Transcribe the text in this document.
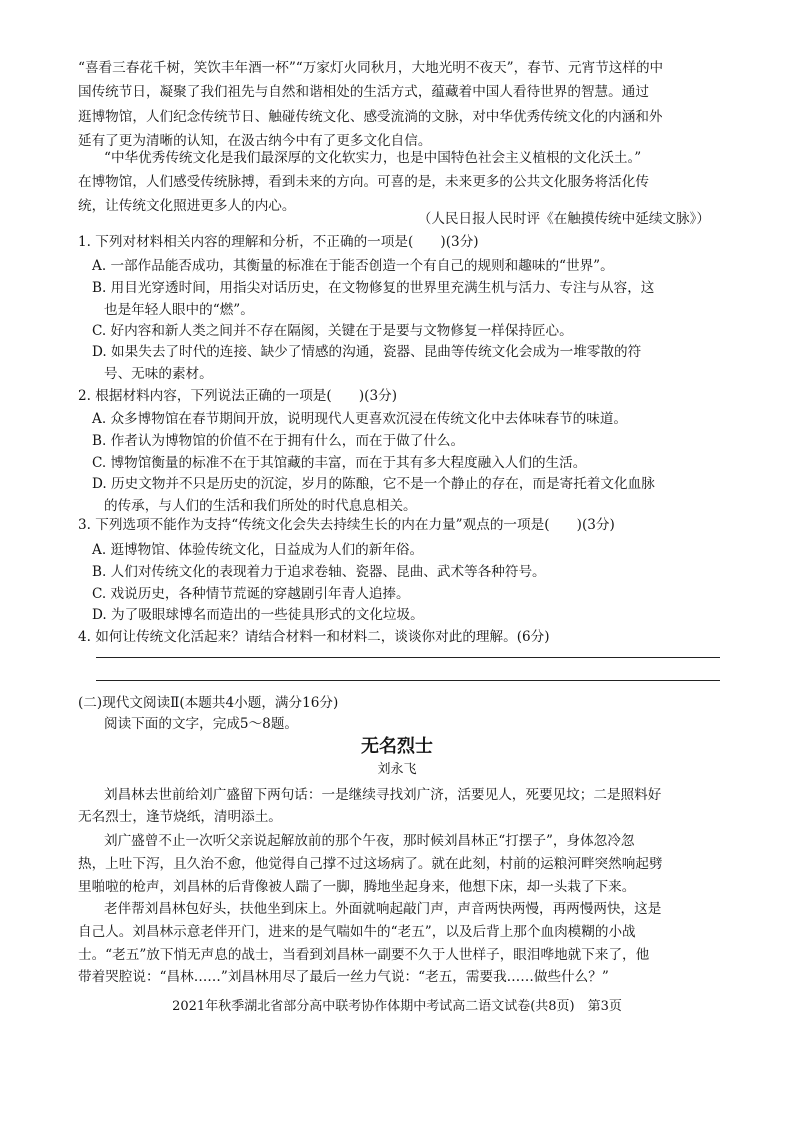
“喜看三春花千树，笑饮丰年酒一杯”“万家灯火同秋月，大地光明不夜天”，春节、元宵节这样的中
国传统节日，凝聚了我们祖先与自然和谐相处的生活方式，蕴藏着中国人看待世界的智慧。通过
逛博物馆，人们纪念传统节日、触碰传统文化、感受流淌的文脉，对中华优秀传统文化的内涵和外
延有了更为清晰的认知，在汲古纳今中有了更多文化自信。
“中华优秀传统文化是我们最深厚的文化软实力，也是中国特色社会主义植根的文化沃土。”
在博物馆，人们感受传统脉搏，看到未来的方向。可喜的是，未来更多的公共文化服务将活化传
统，让传统文化照进更多人的内心。
（人民日报人民时评《在触摸传统中延续文脉》）
1. 下列对材料相关内容的理解和分析，不正确的一项是(　　)(3分)
A. 一部作品能否成功，其衡量的标准在于能否创造一个有自己的规则和趣味的“世界”。
B. 用目光穿透时间，用指尖对话历史，在文物修复的世界里充满生机与活力、专注与从容，这
也是年轻人眼中的“燃”。
C. 好内容和新人类之间并不存在隔阂，关键在于是要与文物修复一样保持匠心。
D. 如果失去了时代的连接、缺少了情感的沟通，瓷器、昆曲等传统文化会成为一堆零散的符
号、无味的素材。
2. 根据材料内容，下列说法正确的一项是(　　)(3分)
A. 众多博物馆在春节期间开放，说明现代人更喜欢沉浸在传统文化中去体味春节的味道。
B. 作者认为博物馆的价值不在于拥有什么，而在于做了什么。
C. 博物馆衡量的标准不在于其馆藏的丰富，而在于其有多大程度融入人们的生活。
D. 历史文物并不只是历史的沉淀，岁月的陈酿，它不是一个静止的存在，而是寄托着文化血脉
的传承，与人们的生活和我们所处的时代息息相关。
3. 下列选项不能作为支持“传统文化会失去持续生长的内在力量”观点的一项是(　　)(3分)
A. 逛博物馆、体验传统文化，日益成为人们的新年俗。
B. 人们对传统文化的表现着力于追求卷轴、瓷器、昆曲、武术等各种符号。
C. 戏说历史，各种情节荒诞的穿越剧引年青人追捧。
D. 为了吸眼球博名而造出的一些徒具形式的文化垃圾。
4. 如何让传统文化活起来？请结合材料一和材料二，谈谈你对此的理解。(6分)
(二)现代文阅读Ⅱ(本题共4小题，满分16分)
阅读下面的文字，完成5～8题。
无名烈士
刘永飞
刘昌林去世前给刘广盛留下两句话：一是继续寻找刘广济，活要见人，死要见坟；二是照料好
无名烈士，逢节烧纸，清明添土。
刘广盛曾不止一次听父亲说起解放前的那个午夜，那时候刘昌林正“打摆子”，身体忽冷忽
热，上吐下泻，且久治不愈，他觉得自己撑不过这场病了。就在此刻，村前的运粮河畔突然响起劈
里啪啦的枪声，刘昌林的后背像被人踹了一脚，腾地坐起身来，他想下床，却一头栽了下来。
老伴帮刘昌林包好头，扶他坐到床上。外面就响起敲门声，声音两快两慢，再两慢两快，这是
自己人。刘昌林示意老伴开门，进来的是气喘如牛的“老五”，以及后背上那个血肉模糊的小战
士。“老五”放下悄无声息的战士，当看到刘昌林一副要不久于人世样子，眼泪哗地就下来了，他
带着哭腔说：“昌林……”刘昌林用尽了最后一丝力气说：“老五，需要我……做些什么？”
2021年秋季湖北省部分高中联考协作体期中考试高二语文试卷(共8页)　第3页
